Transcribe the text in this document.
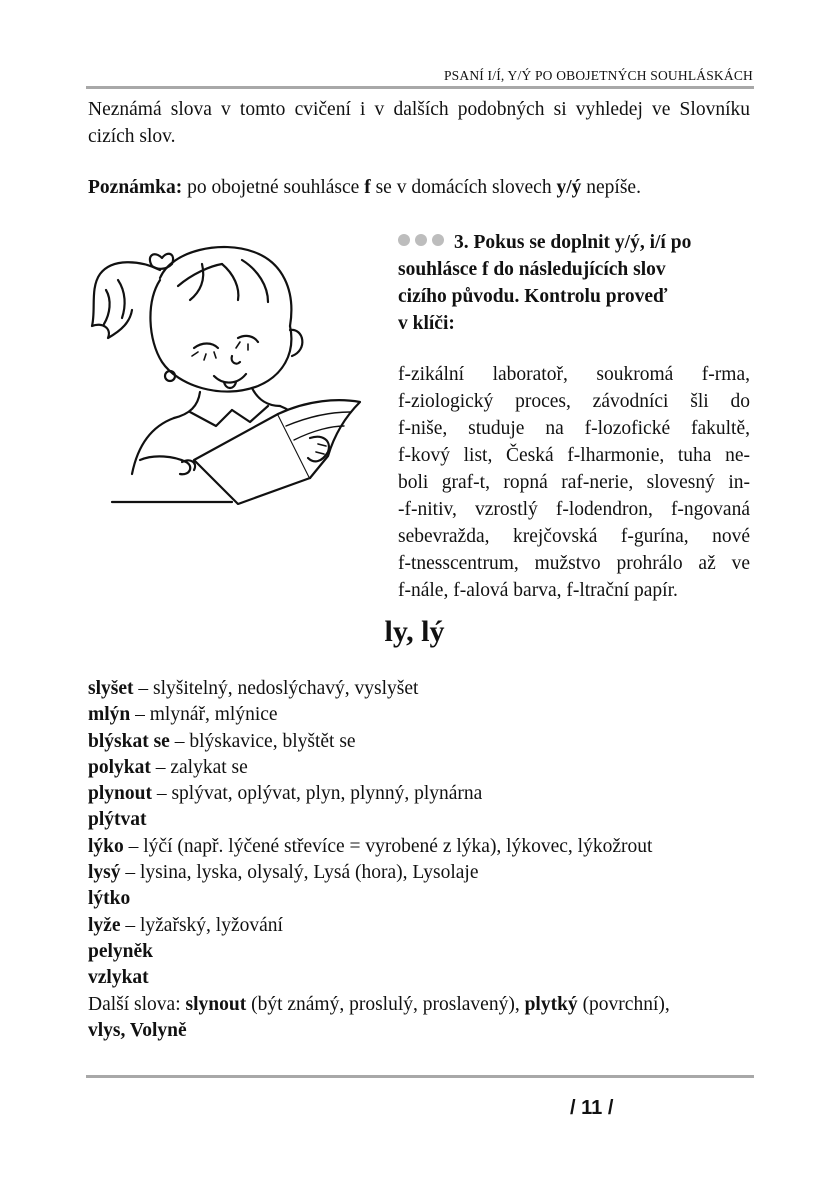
PSANÍ I/Í, Y/Ý PO OBOJETNÝCH SOUHLÁSKÁCH
Neznámá slova v tomto cvičení i v dalších podobných si vyhledej ve Slovníku cizích slov.
Poznámka: po obojetné souhlásce f se v domácích slovech y/ý nepíše.
3. Pokus se doplnit y/ý, i/í po
souhlásce f do následujících slov
cizího původu. Kontrolu proveď
v klíči:
f-zikální laboratoř, soukromá f-rma,
f-ziologický proces, závodníci šli do
f-niše, studuje na f-lozofické fakultě,
f-kový list, Česká f-lharmonie, tuha ne-
boli graf-t, ropná raf-nerie, slovesný in-
-f-nitiv, vzrostlý f-lodendron, f-ngovaná
sebevražda, krejčovská f-gurína, nové
f-tnesscentrum, mužstvo prohrálo až ve
f-nále, f-alová barva, f-ltrační papír.
ly, lý
slyšet – slyšitelný, nedoslýchavý, vyslyšet
mlýn – mlynář, mlýnice
blýskat se – blýskavice, blyštět se
polykat – zalykat se
plynout – splývat, oplývat, plyn, plynný, plynárna
plýtvat
lýko – lýčí (např. lýčené střevíce = vyrobené z lýka), lýkovec, lýkožrout
lysý – lysina, lyska, olysalý, Lysá (hora), Lysolaje
lýtko
lyže – lyžařský, lyžování
pelyněk
vzlykat
Další slova: slynout (být známý, proslulý, proslavený), plytký (povrchní),
vlys, Volyně
/ 11 /
